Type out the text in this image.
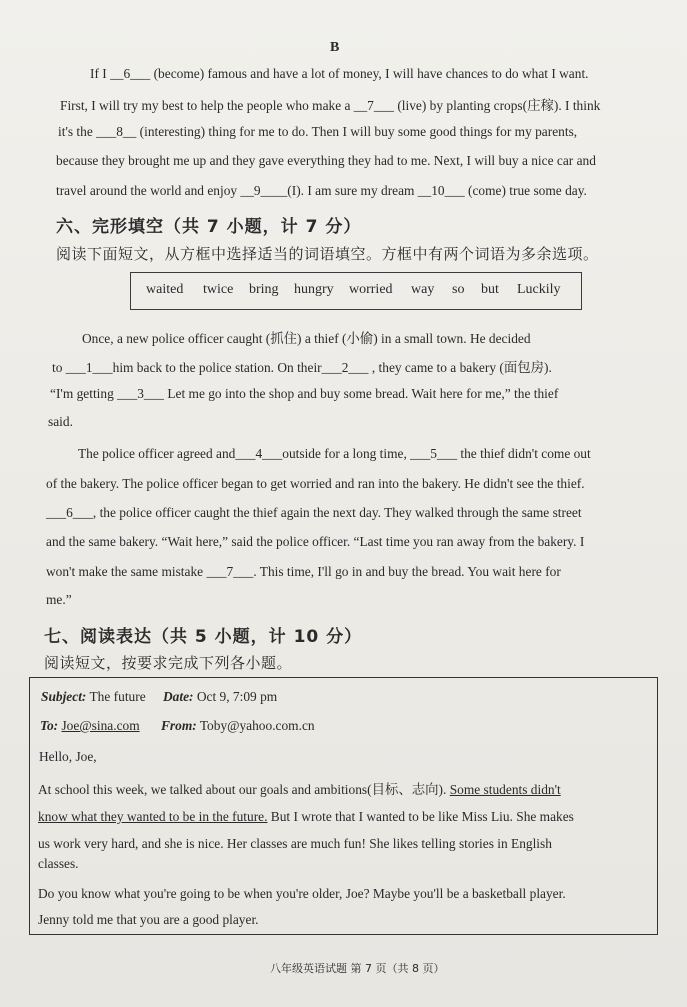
B
If I __6___ (become) famous and have a lot of money, I will have chances to do what I want.
First, I will try my best to help the people who make a __7___ (live) by planting crops(庄稼). I think
it's the ___8__ (interesting) thing for me to do. Then I will buy some good things for my parents,
because they brought me up and they gave everything they had to me. Next, I will buy a nice car and
travel around the world and enjoy __9____(I). I am sure my dream __10___ (come) true some day.
六、完形填空（共 7 小题，计 7 分）
阅读下面短文，从方框中选择适当的词语填空。方框中有两个词语为多余选项。
waited twice bring hungry worried way so but Luckily
Once, a new police officer caught (抓住) a thief (小偷) in a small town. He decided
to ___1___him back to the police station. On their___2___ , they came to a bakery (面包房).
“I'm getting ___3___ Let me go into the shop and buy some bread. Wait here for me,” the thief
said.
The police officer agreed and___4___outside for a long time, ___5___ the thief didn't come out
of the bakery. The police officer began to get worried and ran into the bakery. He didn't see the thief.
___6___, the police officer caught the thief again the next day. They walked through the same street
and the same bakery. “Wait here,” said the police officer. “Last time you ran away from the bakery. I
won't make the same mistake ___7___. This time, I'll go in and buy the bread. You wait here for
me.”
七、阅读表达（共 5 小题，计 10 分）
阅读短文，按要求完成下列各小题。
Subject: The future Date: Oct 9, 7:09 pm
To: Joe@sina.com From: Toby@yahoo.com.cn
Hello, Joe,
At school this week, we talked about our goals and ambitions(目标、志向). Some students didn't
know what they wanted to be in the future. But I wrote that I wanted to be like Miss Liu. She makes
us work very hard, and she is nice. Her classes are much fun! She likes telling stories in English
classes.
Do you know what you're going to be when you're older, Joe? Maybe you'll be a basketball player.
Jenny told me that you are a good player.
八年级英语试题 第 7 页（共 8 页）
